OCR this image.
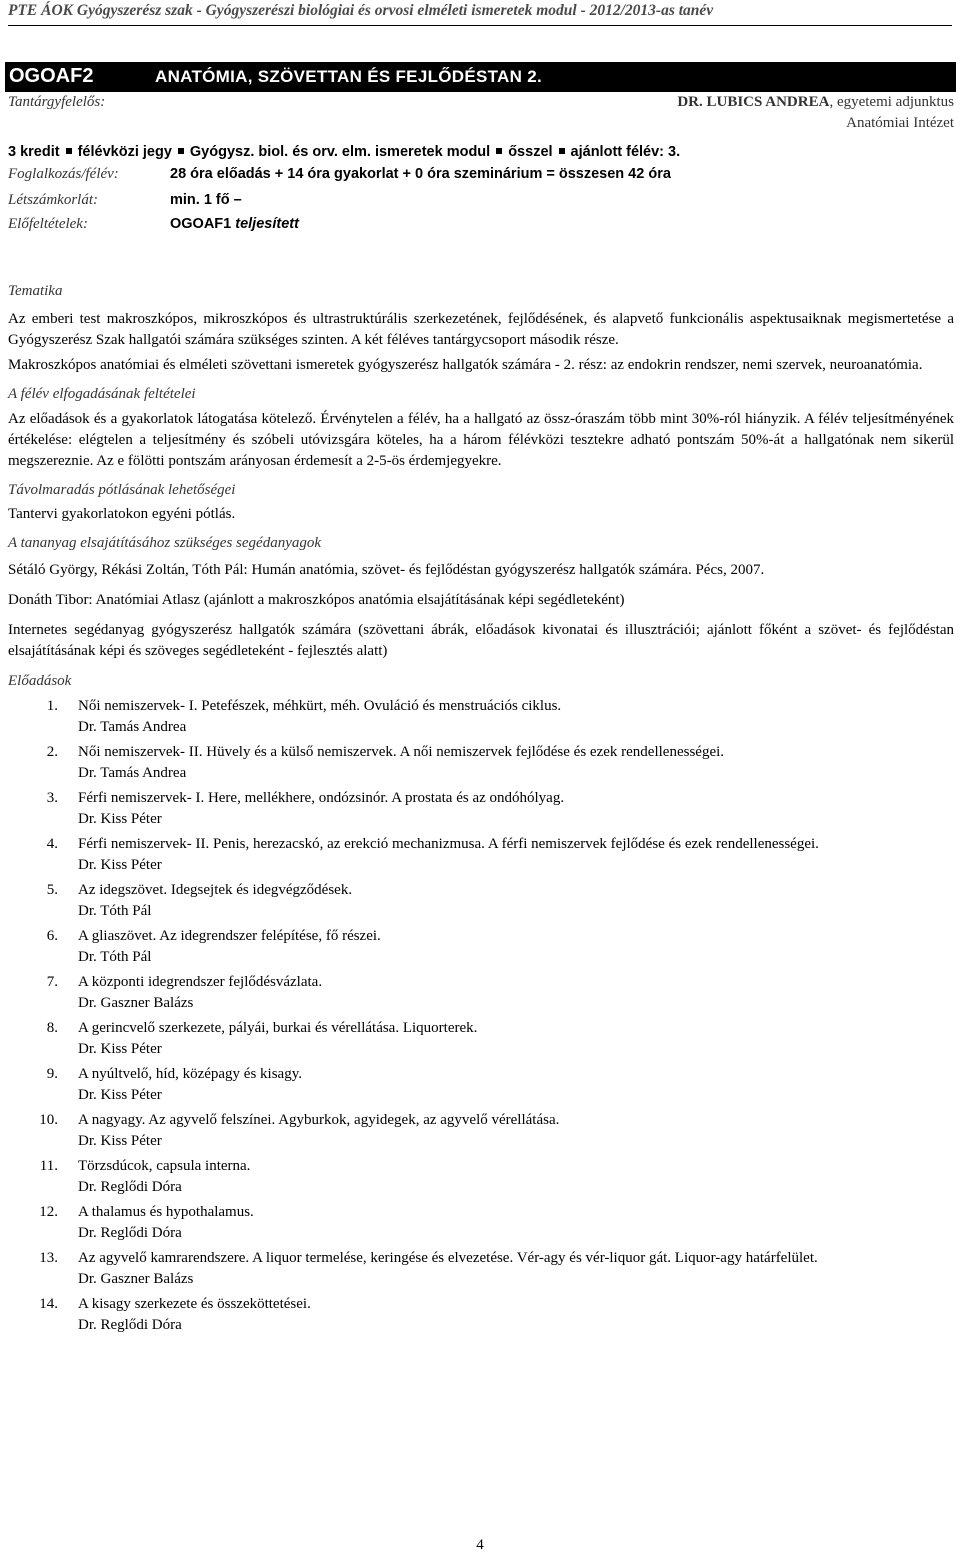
PTE ÁOK Gyógyszerész szak - Gyógyszerészi biológiai és orvosi elméleti ismeretek modul - 2012/2013-as tanév
OGOAF2	ANATÓMIA, SZÖVETTAN ÉS FEJLŐDÉSTAN 2.
Tantárgyfelelős:	DR. LUBICS ANDREA, egyetemi adjunktus
Anatómiai Intézet
3 kredit félévközi jegy Gyógysz. biol. és orv. elm. ismeretek modul ősszel ajánlott félév: 3.
Foglalkozás/félév:	28 óra előadás + 14 óra gyakorlat + 0 óra szeminárium = összesen 42 óra
Létszámkorlát:	min. 1 fő –
Előfeltételek:	OGOAF1 teljesített

Tematika

Az emberi test makroszkópos, mikroszkópos és ultrastruktúrális szerkezetének, fejlődésének, és alapvető funkcionális aspektusaiknak megismertetése a Gyógyszerész Szak hallgatói számára szükséges szinten. A két féléves tantárgycsoport második része.

Makroszkópos anatómiai és elméleti szövettani ismeretek gyógyszerész hallgatók számára - 2. rész: az endokrin rendszer, nemi szervek, neuroanatómia.

A félév elfogadásának feltételei

Az előadások és a gyakorlatok látogatása kötelező. Érvénytelen a félév, ha a hallgató az össz-óraszám több mint 30%-ról hiányzik. A félév teljesítményének értékelése: elégtelen a teljesítmény és szóbeli utóvizsgára köteles, ha a három félévközi tesztekre adható pontszám 50%-át a hallgatónak nem sikerül megszereznie. Az e fölötti pontszám arányosan érdemesít a 2-5-ös érdemjegyekre.

Távolmaradás pótlásának lehetőségei

Tantervi gyakorlatokon egyéni pótlás.

A tananyag elsajátításához szükséges segédanyagok

Sétáló György, Rékási Zoltán, Tóth Pál: Humán anatómia, szövet- és fejlődéstan gyógyszerész hallgatók számára. Pécs, 2007.

Donáth Tibor: Anatómiai Atlasz (ajánlott a makroszkópos anatómia elsajátításának képi segédleteként)

Internetes segédanyag gyógyszerész hallgatók számára (szövettani ábrák, előadások kivonatai és illusztrációi; ajánlott főként a szövet- és fejlődéstan elsajátításának képi és szöveges segédleteként - fejlesztés alatt)

Előadások

1. Női nemiszervek- I. Petefészek, méhkürt, méh. Ovuláció és menstruációs ciklus.
Dr. Tamás Andrea
2. Női nemiszervek- II. Hüvely és a külső nemiszervek. A női nemiszervek fejlődése és ezek rendellenességei.
Dr. Tamás Andrea
3. Férfi nemiszervek- I. Here, mellékhere, ondózsinór. A prostata és az ondóhólyag.
Dr. Kiss Péter
4. Férfi nemiszervek- II. Penis, herezacskó, az erekció mechanizmusa. A férfi nemiszervek fejlődése és ezek rendellenességei.
Dr. Kiss Péter
5. Az idegszövet. Idegsejtek és idegvégződések.
Dr. Tóth Pál
6. A gliaszövet. Az idegrendszer felépítése, fő részei.
Dr. Tóth Pál
7. A központi idegrendszer fejlődésvázlata.
Dr. Gaszner Balázs
8. A gerincvelő szerkezete, pályái, burkai és vérellátása. Liquorterek.
Dr. Kiss Péter
9. A nyúltvelő, híd, középagy és kisagy.
Dr. Kiss Péter
10. A nagyagy. Az agyvelő felszínei. Agyburkok, agyidegek, az agyvelő vérellátása.
Dr. Kiss Péter
11. Törzsdúcok, capsula interna.
Dr. Reglődi Dóra
12. A thalamus és hypothalamus.
Dr. Reglődi Dóra
13. Az agyvelő kamrarendszere. A liquor termelése, keringése és elvezetése. Vér-agy és vér-liquor gát. Liquor-agy határfelület.
Dr. Gaszner Balázs
14. A kisagy szerkezete és összeköttetései.
Dr. Reglődi Dóra
4
